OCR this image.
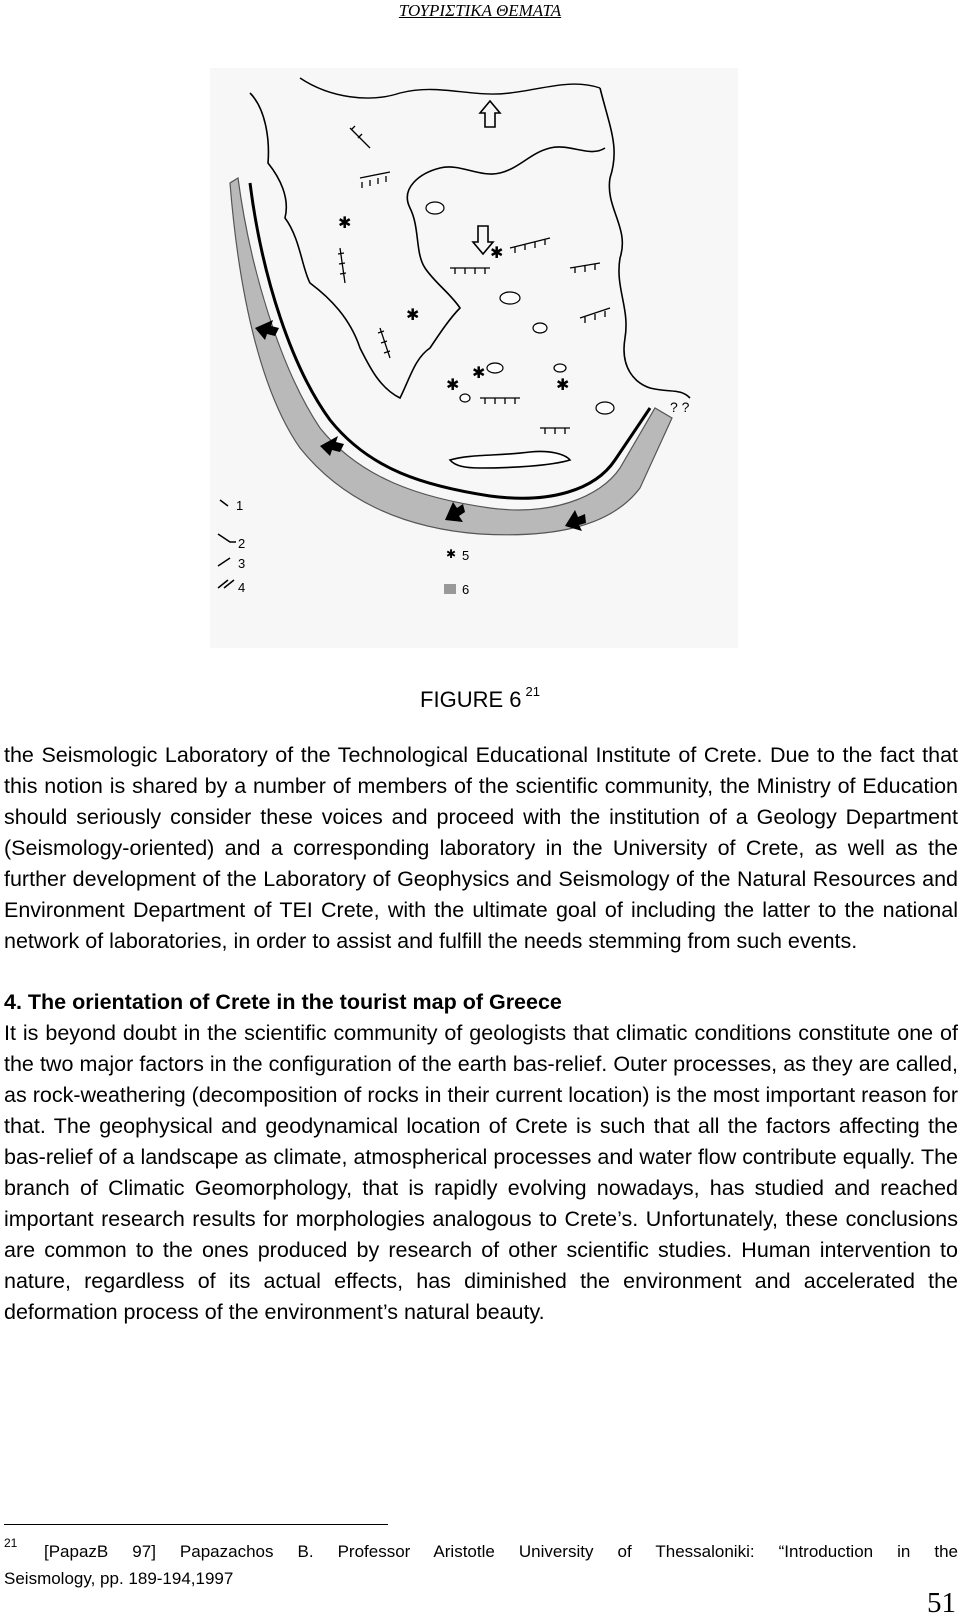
ΤΟΥΡΙΣΤΙΚΑ ΘΕΜΑΤΑ
✱
✱	✱
✱
✱
✱
? ?
1
2
3
4
✱ 5
6
FIGURE 6 $^{21}$

the Seismologic Laboratory of the Technological Educational Institute of Crete. Due to the fact that this notion is shared by a number of members of the scientific community, the Ministry of Education should seriously consider these voices and proceed with the institution of a Geology Department (Seismology-oriented) and a corresponding laboratory in the University of Crete, as well as the further development of the Laboratory of Geophysics and Seismology of the Natural Resources and Environment Department of TEI Crete, with the ultimate goal of including the latter to the national network of laboratories, in order to assist and fulfill the needs stemming from such events.

4. The orientation of Crete in the tourist map of Greece

It is beyond doubt in the scientific community of geologists that climatic conditions constitute one of the two major factors in the configuration of the earth bas-relief. Outer processes, as they are called, as rock-weathering (decomposition of rocks in their current location) is the most important reason for that. The geophysical and geodynamical location of Crete is such that all the factors affecting the bas-relief of a landscape as climate, atmospherical processes and water flow contribute equally. The branch of Climatic Geomorphology, that is rapidly evolving nowadays, has studied and reached important research results for morphologies analogous to Crete’s. Unfortunately, these conclusions are common to the ones produced by research of other scientific studies. Human intervention to nature, regardless of its actual effects, has diminished the environment and accelerated the deformation process of the environment’s natural beauty.

21	[PapazB 97] Papazachos B. Professor Aristotle University of Thessaloniki: “Introduction in the
Seismology, pp. 189-194,1997
51
